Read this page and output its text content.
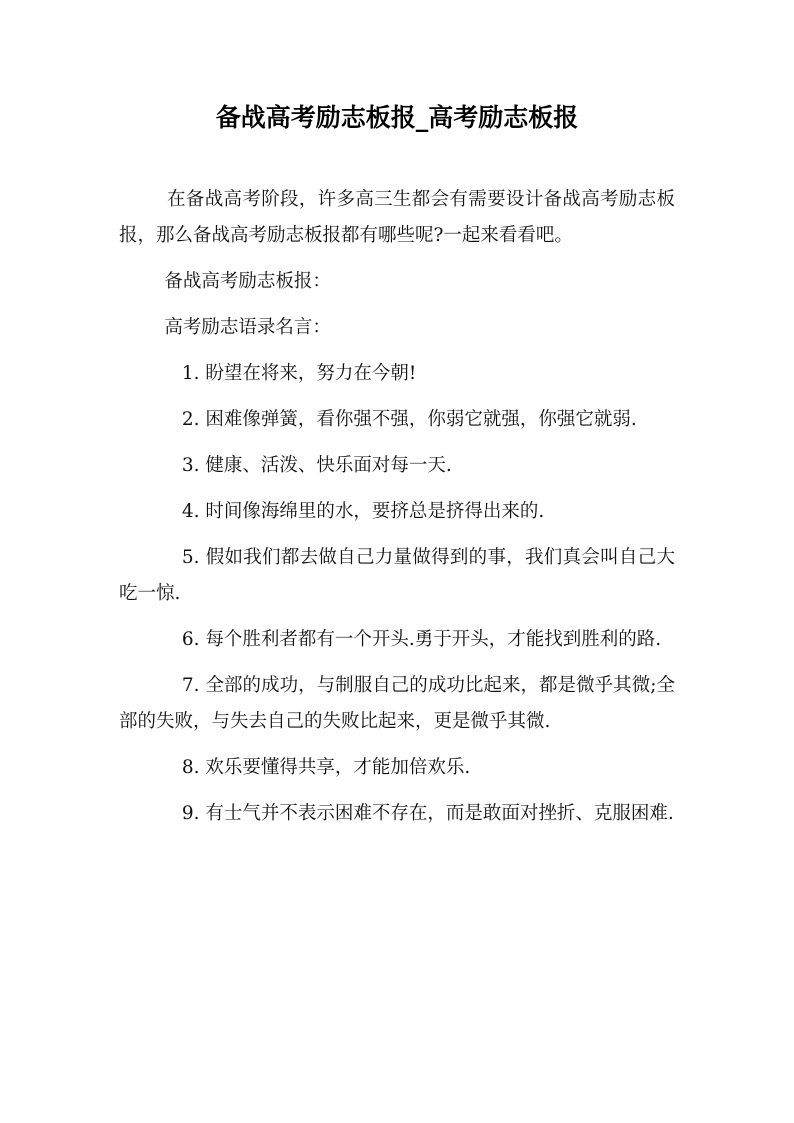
备战高考励志板报_高考励志板报

在备战高考阶段，许多高三生都会有需要设计备战高考励志板报，那么备战高考励志板报都有哪些呢?一起来看看吧。

备战高考励志板报：

高考励志语录名言：

1. 盼望在将来，努力在今朝!

2. 困难像弹簧，看你强不强，你弱它就强，你强它就弱.

3. 健康、活泼、快乐面对每一天.

4. 时间像海绵里的水，要挤总是挤得出来的.

5. 假如我们都去做自己力量做得到的事，我们真会叫自己大吃一惊.

6. 每个胜利者都有一个开头.勇于开头，才能找到胜利的路.

7. 全部的成功，与制服自己的成功比起来，都是微乎其微;全部的失败，与失去自己的失败比起来，更是微乎其微.

8. 欢乐要懂得共享，才能加倍欢乐.

9. 有士气并不表示困难不存在，而是敢面对挫折、克服困难.
